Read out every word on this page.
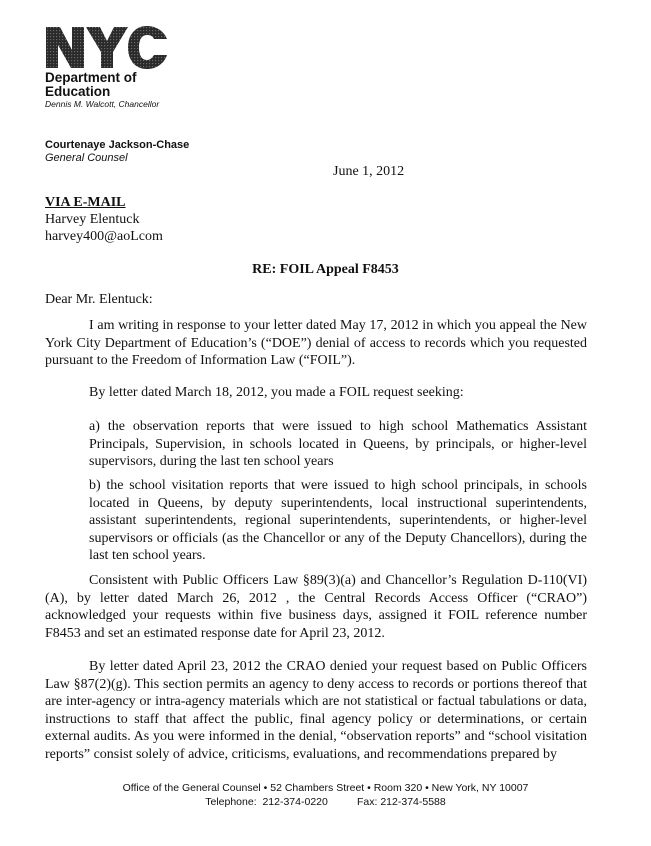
Department of Education
Dennis M. Walcott, Chancellor
Courtenaye Jackson-Chase
General Counsel
June 1, 2012
VIA E-MAIL
Harvey Elentuck
harvey400@aoLcom
RE: FOIL Appeal F8453
Dear Mr. Elentuck:

I am writing in response to your letter dated May 17, 2012 in which you appeal the New York City Department of Education’s (“DOE”) denial of access to records which you requested pursuant to the Freedom of Information Law (“FOIL”).

By letter dated March 18, 2012, you made a FOIL request seeking:

a) the observation reports that were issued to high school Mathematics Assistant Principals, Supervision, in schools located in Queens, by principals, or higher-level supervisors, during the last ten school years

b) the school visitation reports that were issued to high school principals, in schools located in Queens, by deputy superintendents, local instructional superintendents, assistant superintendents, regional superintendents, superintendents, or higher-level supervisors or officials (as the Chancellor or any of the Deputy Chancellors), during the last ten school years.

Consistent with Public Officers Law §89(3)(a) and Chancellor’s Regulation D-110(VI)(A), by letter dated March 26, 2012 , the Central Records Access Officer (“CRAO”) acknowledged your requests within five business days, assigned it FOIL reference number F8453 and set an estimated response date for April 23, 2012.

By letter dated April 23, 2012 the CRAO denied your request based on Public Officers Law §87(2)(g). This section permits an agency to deny access to records or portions thereof that are inter-agency or intra-agency materials which are not statistical or factual tabulations or data, instructions to staff that affect the public, final agency policy or determinations, or certain external audits. As you were informed in the denial, “observation reports” and “school visitation reports” consist solely of advice, criticisms, evaluations, and recommendations prepared by

Office of the General Counsel • 52 Chambers Street • Room 320 • New York, NY 10007
Telephone:  212-374-0220          Fax: 212-374-5588
